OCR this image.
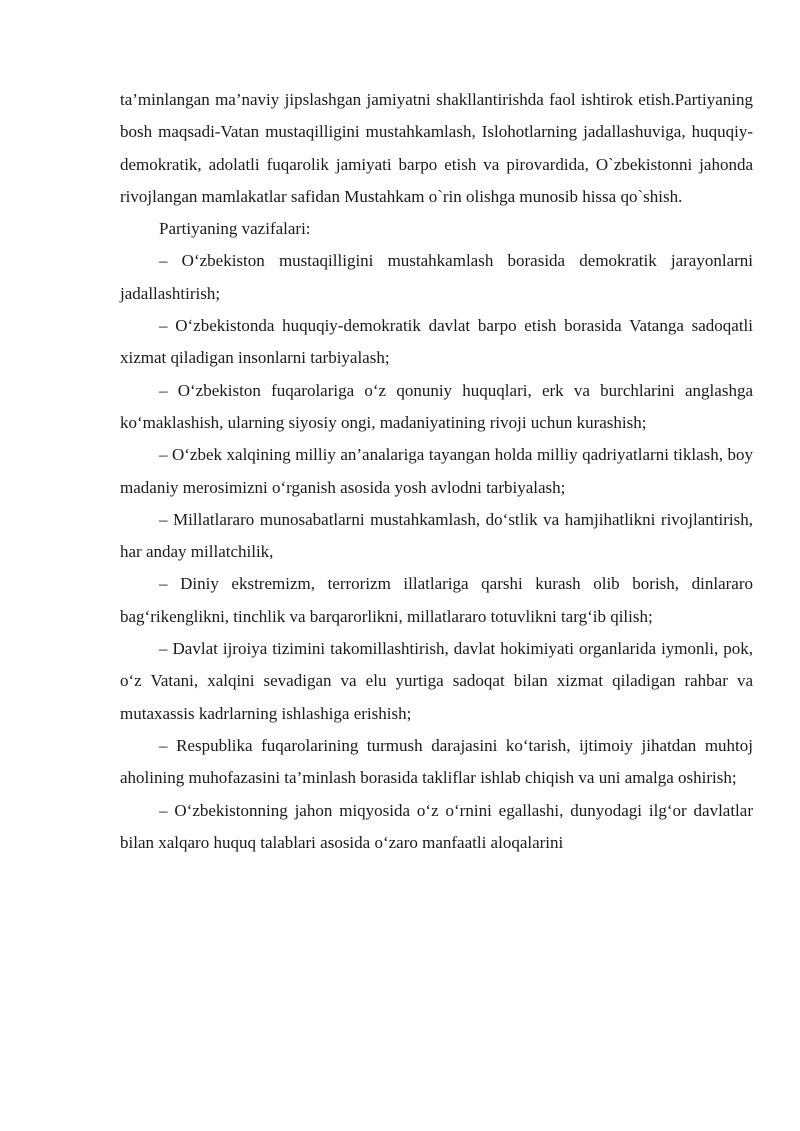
ta’minlangan ma’naviy jipslashgan jamiyatni shakllantirishda faol ishtirok etish.Partiyaning bosh maqsadi-Vatan mustaqilligini mustahkamlash, Islohotlarning jadallashuviga, huquqiy-demokratik, adolatli fuqarolik jamiyati barpo etish va pirovardida, O`zbekistonni jahonda rivojlangan mamlakatlar safidan Mustahkam o`rin olishga munosib hissa qo`shish.

Partiyaning vazifalari:

– O‘zbekiston mustaqilligini mustahkamlash borasida demokratik jarayonlarni jadallashtirish;

– O‘zbekistonda huquqiy-demokratik davlat barpo etish borasida Vatanga sadoqatli xizmat qiladigan insonlarni tarbiyalash;

– O‘zbekiston fuqarolariga o‘z qonuniy huquqlari, erk va burchlarini anglashga ko‘maklashish, ularning siyosiy ongi, madaniyatining rivoji uchun kurashish;

– O‘zbek xalqining milliy an’analariga tayangan holda milliy qadriyatlarni tiklash, boy madaniy merosimizni o‘rganish asosida yosh avlodni tarbiyalash;

– Millatlararo munosabatlarni mustahkamlash, do‘stlik va hamjihatlikni rivojlantirish, har anday millatchilik,

– Diniy ekstremizm, terrorizm illatlariga qarshi kurash olib borish, dinlararo bag‘rikenglikni, tinchlik va barqarorlikni, millatlararo totuvlikni targ‘ib qilish;

– Davlat ijroiya tizimini takomillashtirish, davlat hokimiyati organlarida iymonli, pok, o‘z Vatani, xalqini sevadigan va elu yurtiga sadoqat bilan xizmat qiladigan rahbar va mutaxassis kadrlarning ishlashiga erishish;

– Respublika fuqarolarining turmush darajasini ko‘tarish, ijtimoiy jihatdan muhtoj aholining muhofazasini ta’minlash borasida takliflar ishlab chiqish va uni amalga oshirish;

– O‘zbekistonning jahon miqyosida o‘z o‘rnini egallashi, dunyodagi ilg‘or davlatlar bilan xalqaro huquq talablari asosida o‘zaro manfaatli aloqalarini
